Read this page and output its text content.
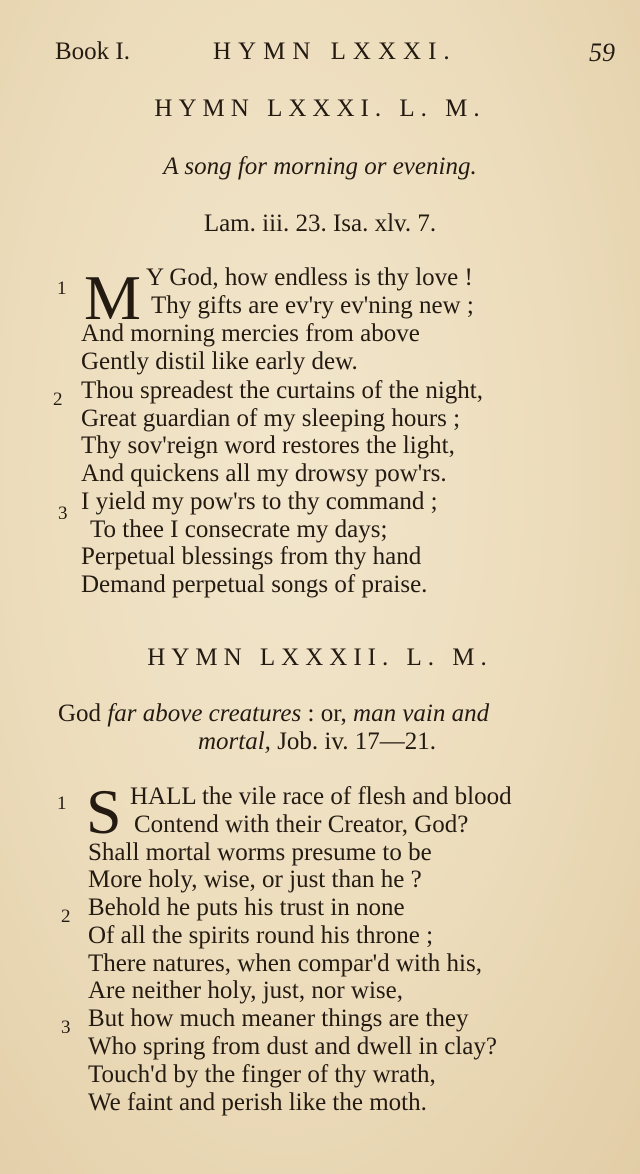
Book I.	HYMN LXXXI.	59
HYMN LXXXI. L. M.
A song for morning or evening.
Lam. iii. 23. Isa. xlv. 7.
1 M Y God, how endless is thy love !
Thy gifts are ev'ry ev'ning new ;
And morning mercies from above
Gently distil like early dew.
2 Thou spreadest the curtains of the night,
Great guardian of my sleeping hours ;
Thy sov'reign word restores the light,
And quickens all my drowsy pow'rs.
3 I yield my pow'rs to thy command ;
To thee I consecrate my days;
Perpetual blessings from thy hand
Demand perpetual songs of praise.
HYMN LXXXII. L. M.
God far above creatures : or, man vain and
mortal, Job. iv. 17—21.
1 S HALL the vile race of flesh and blood
Contend with their Creator, God?
Shall mortal worms presume to be
More holy, wise, or just than he ?
2 Behold he puts his trust in none
Of all the spirits round his throne ;
There natures, when compar'd with his,
Are neither holy, just, nor wise,
3 But how much meaner things are they
Who spring from dust and dwell in clay?
Touch'd by the finger of thy wrath,
We faint and perish like the moth.
